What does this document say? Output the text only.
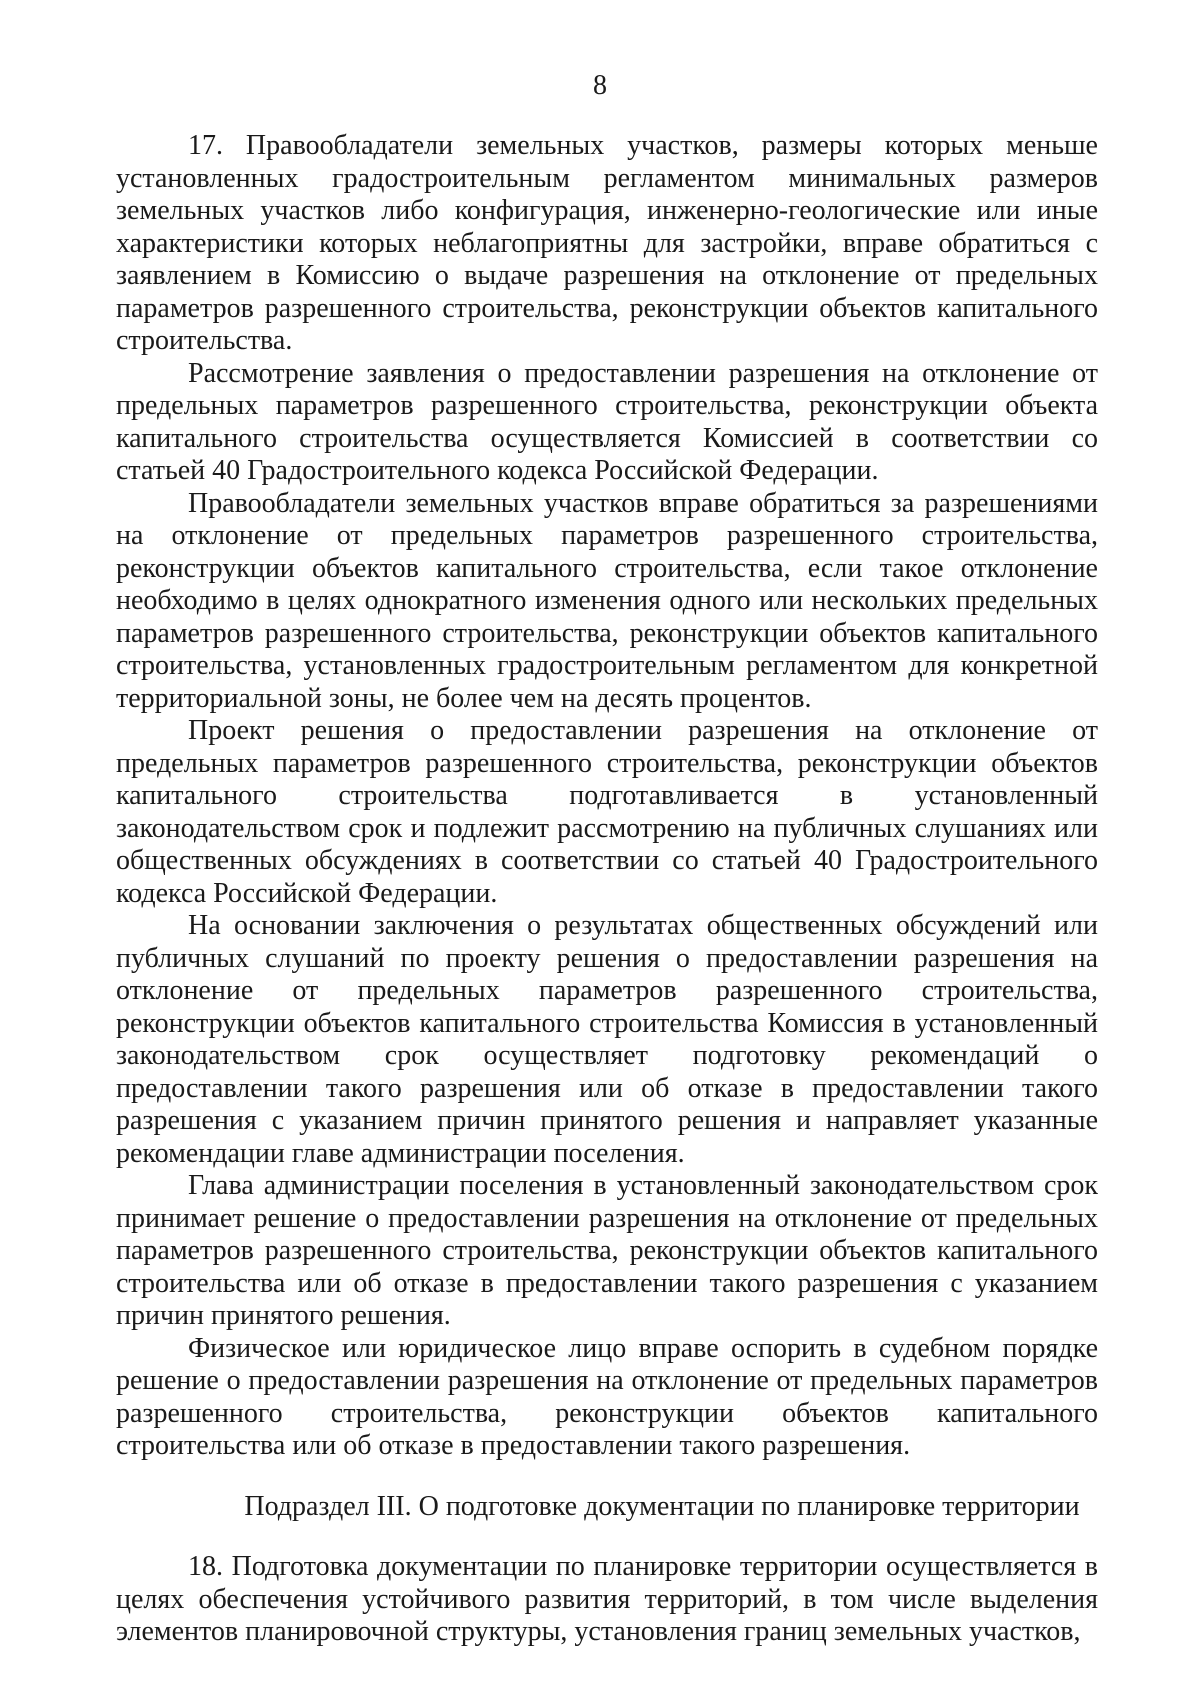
8

17. Правообладатели земельных участков, размеры которых меньше установленных градостроительным регламентом минимальных размеров земельных участков либо конфигурация, инженерно-геологические или иные характеристики которых неблагоприятны для застройки, вправе обратиться с заявлением в Комиссию о выдаче разрешения на отклонение от предельных параметров разрешенного строительства, реконструкции объектов капитального строительства.

Рассмотрение заявления о предоставлении разрешения на отклонение от предельных параметров разрешенного строительства, реконструкции объекта капитального строительства осуществляется Комиссией в соответствии со статьей 40 Градостроительного кодекса Российской Федерации.

Правообладатели земельных участков вправе обратиться за разрешениями на отклонение от предельных параметров разрешенного строительства, реконструкции объектов капитального строительства, если такое отклонение необходимо в целях однократного изменения одного или нескольких предельных параметров разрешенного строительства, реконструкции объектов капитального строительства, установленных градостроительным регламентом для конкретной территориальной зоны, не более чем на десять процентов.

Проект решения о предоставлении разрешения на отклонение от предельных параметров разрешенного строительства, реконструкции объектов капитального строительства подготавливается в установленный законодательством срок и подлежит рассмотрению на публичных слушаниях или общественных обсуждениях в соответствии со статьей 40 Градостроительного кодекса Российской Федерации.

На основании заключения о результатах общественных обсуждений или публичных слушаний по проекту решения о предоставлении разрешения на отклонение от предельных параметров разрешенного строительства, реконструкции объектов капитального строительства Комиссия в установленный законодательством срок осуществляет подготовку рекомендаций о предоставлении такого разрешения или об отказе в предоставлении такого разрешения с указанием причин принятого решения и направляет указанные рекомендации главе администрации поселения.

Глава администрации поселения в установленный законодательством срок принимает решение о предоставлении разрешения на отклонение от предельных параметров разрешенного строительства, реконструкции объектов капитального строительства или об отказе в предоставлении такого разрешения с указанием причин принятого решения.

Физическое или юридическое лицо вправе оспорить в судебном порядке решение о предоставлении разрешения на отклонение от предельных параметров разрешенного строительства, реконструкции объектов капитального строительства или об отказе в предоставлении такого разрешения.

Подраздел III. О подготовке документации по планировке территории

18. Подготовка документации по планировке территории осуществляется в целях обеспечения устойчивого развития территорий, в том числе выделения элементов планировочной структуры, установления границ земельных участков,
